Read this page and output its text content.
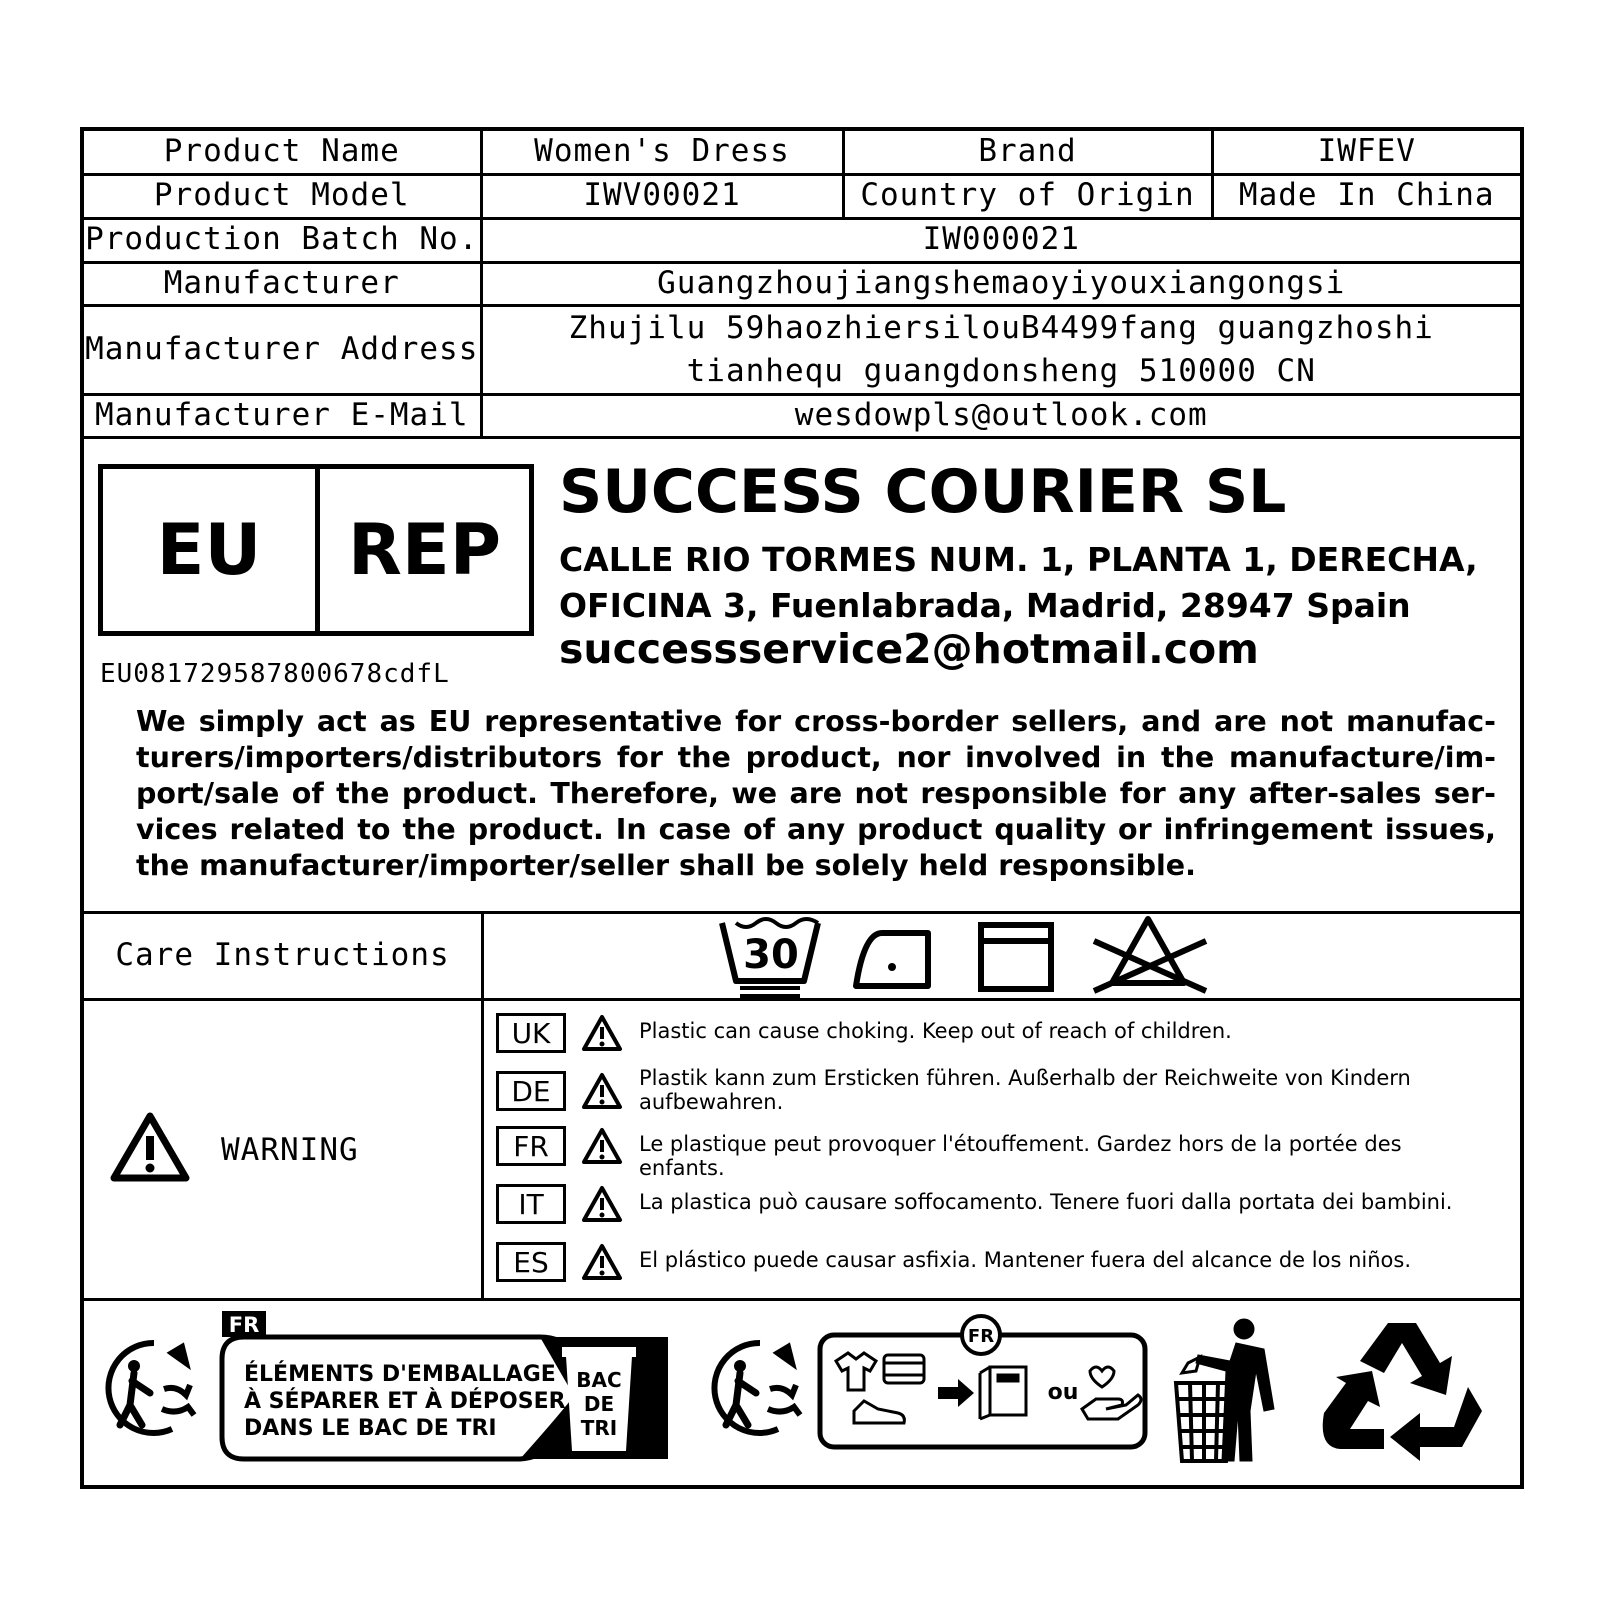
Product Name	Women's Dress	Brand	IWFEV
Product Model	IWV00021	Country of Origin	Made In China
Production Batch No.	IW000021		
Manufacturer	Guangzhoujiangshemaoyiyouxiangongsi		
Manufacturer Address	Zhujilu 59haozhiersilouB4499fang guangzhoshi
tianhequ guangdonsheng 510000 CN		

Manufacturer E-Mail	wesdowpls@outlook.com		
EU	REP
EU081729587800678cdfL
SUCCESS COURIER SL
CALLE RIO TORMES NUM. 1, PLANTA 1, DERECHA,
OFICINA 3, Fuenlabrada, Madrid, 28947 Spain
successservice2@hotmail.com
We simply act as EU representative for cross-border sellers, and are not manufac-turers/importers/distributors for the product, nor involved in the manufacture/im-port/sale of the product. Therefore, we are not responsible for any after-sales ser-vices related to the product. In case of any product quality or infringement issues, the manufacturer/importer/seller shall be solely held responsible.
Care Instructions	30
WARNING
UK	Plastic can cause choking. Keep out of reach of children.
DE	Plastik kann zum Ersticken führen. Außerhalb der Reichweite von Kindern aufbewahren.
FR	Le plastique peut provoquer l'étouffement. Gardez hors de la portée des enfants.
IT	La plastica può causare soffocamento. Tenere fuori dalla portata dei bambini.
ES	El plástico puede causar asfixia. Mantener fuera del alcance de los niños.
FR
ÉLÉMENTS D'EMBALLAGE
À SÉPARER ET À DÉPOSER
DANS LE BAC DE TRI
BAC
DE
TRI
FR
ou
